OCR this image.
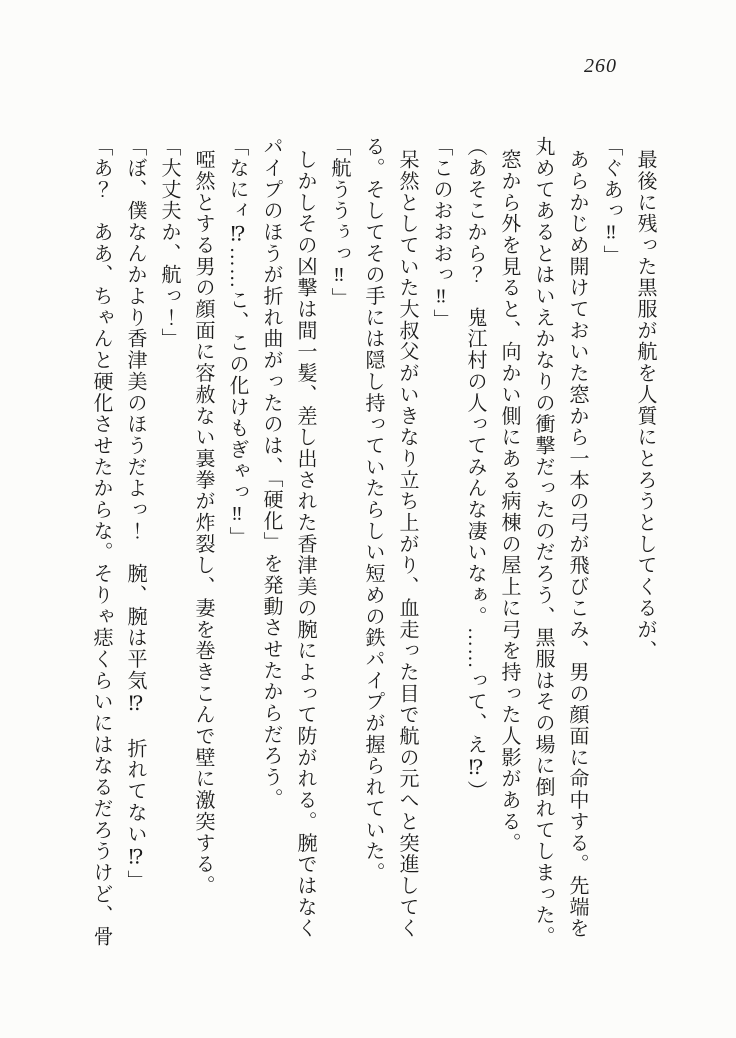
260

最後に残った黒服が航を人質にとろうとしてくるが、

「ぐあっ‼」

あらかじめ開けておいた窓から一本の弓が飛びこみ、男の顔面に命中する。先端を

丸めてあるとはいえかなりの衝撃だったのだろう、黒服はその場に倒れてしまった。

窓から外を見ると、向かい側にある病棟の屋上に弓を持った人影がある。

（あそこから？　鬼江村の人ってみんな凄いなぁ。……って、え⁉）

「このおおおっ‼」

呆然としていた大叔父がいきなり立ち上がり、血走った目で航の元へと突進してく

る。そしてその手には隠し持っていたらしい短めの鉄パイプが握られていた。

「航ううぅっ‼」

しかしその凶撃は間一髪、差し出された香津美の腕によって防がれる。腕ではなく

パイプのほうが折れ曲がったのは、「硬化」を発動させたからだろう。

「なにィ⁉……こ、この化けもぎゃっ‼」

啞然とする男の顔面に容赦ない裏拳が炸裂し、妻を巻きこんで壁に激突する。

「大丈夫か、航っ！」

「ぼ、僕なんかより香津美のほうだよっ！　腕、腕は平気⁉　折れてない⁉」

「あ？　ああ、ちゃんと硬化させたからな。そりゃ痣くらいにはなるだろうけど、骨
